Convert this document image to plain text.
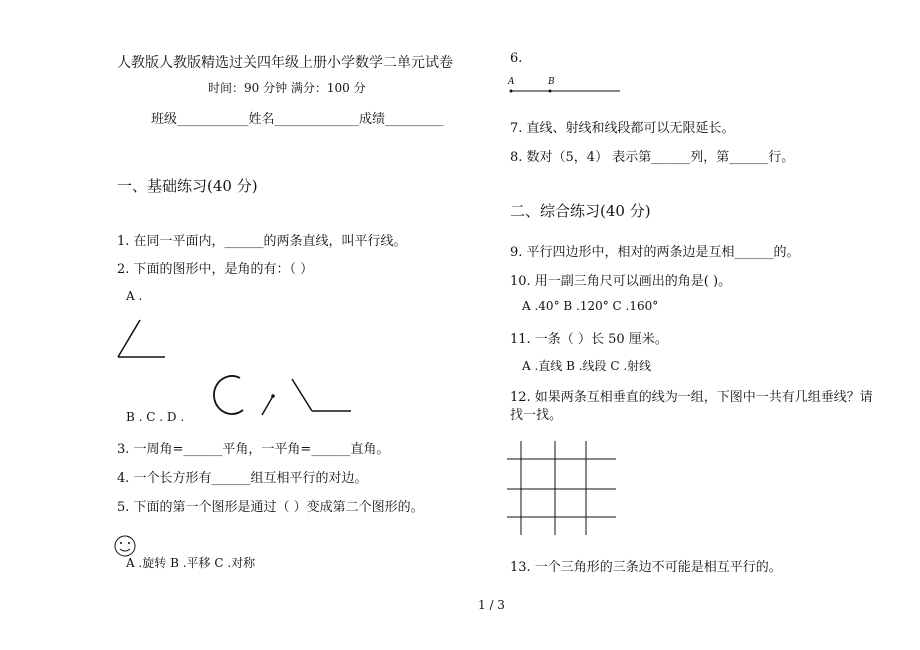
人教版人教版精选过关四年级上册小学数学二单元试卷
时间：90 分钟 满分：100 分
班级___________姓名_____________成绩_________
一、基础练习(40 分)
1. 在同一平面内，______的两条直线，叫平行线。
2. 下面的图形中，是角的有：（ ）
A .
B . C . D .
3. 一周角=______平角，一平角=______直角。
4. 一个长方形有______组互相平行的对边。
5. 下面的第一个图形是通过（ ）变成第二个图形的。
A .旋转 B .平移 C .对称
6.
A	B
7. 直线、射线和线段都可以无限延长。
8. 数对（5，4） 表示第______列，第______行。
二、综合练习(40 分)
9. 平行四边形中，相对的两条边是互相______的。
10. 用一副三角尺可以画出的角是( )。
A .40° B .120° C .160°
11. 一条（ ）长 50 厘米。
A .直线 B .线段 C .射线
12. 如果两条互相垂直的线为一组，下图中一共有几组垂线？请
找一找。
13. 一个三角形的三条边不可能是相互平行的。
1 / 3
